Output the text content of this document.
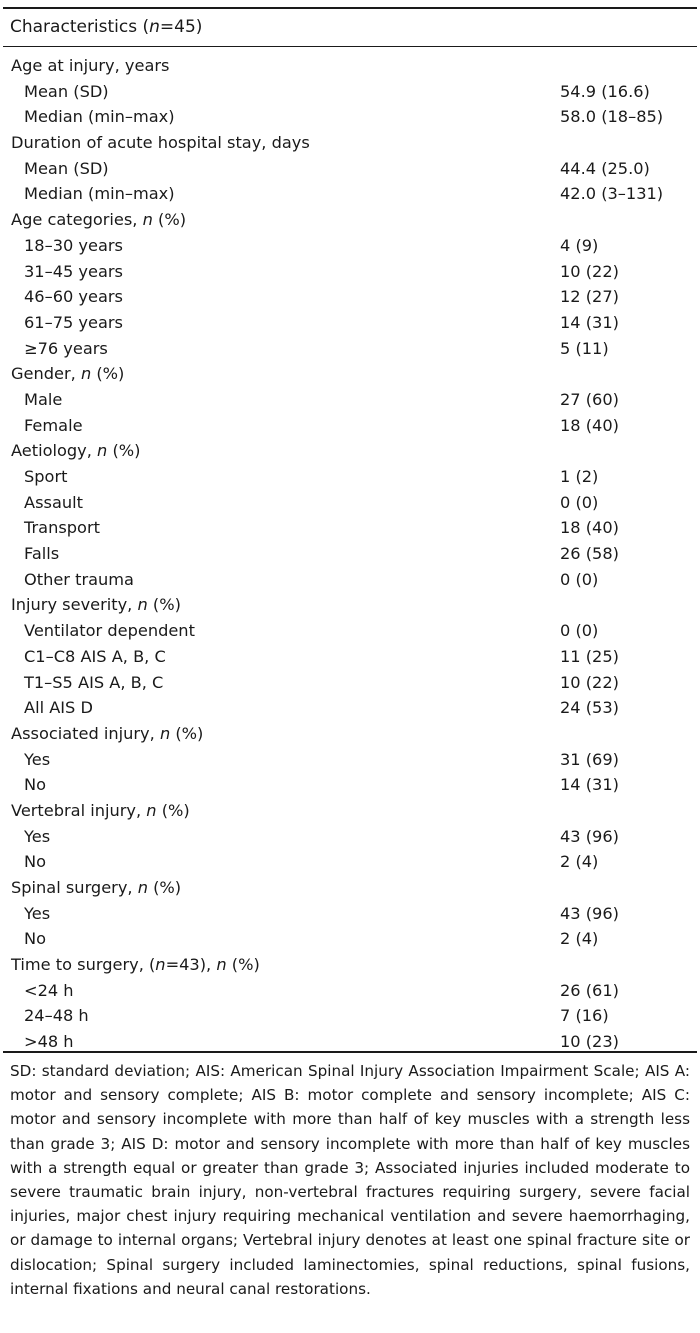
Characteristics (n=45)
Age at injury, years
Mean (SD)	54.9 (16.6)
Median (min–max)	58.0 (18–85)
Duration of acute hospital stay, days
Mean (SD)	44.4 (25.0)
Median (min–max)	42.0 (3–131)
Age categories, n (%)
18–30 years	4 (9)
31–45 years	10 (22)
46–60 years	12 (27)
61–75 years	14 (31)
≥76 years	5 (11)
Gender, n (%)
Male	27 (60)
Female	18 (40)
Aetiology, n (%)
Sport	1 (2)
Assault	0 (0)
Transport	18 (40)
Falls	26 (58)
Other trauma	0 (0)
Injury severity, n (%)
Ventilator dependent	0 (0)
C1–C8 AIS A, B, C	11 (25)
T1–S5 AIS A, B, C	10 (22)
All AIS D	24 (53)
Associated injury, n (%)
Yes	31 (69)
No	14 (31)
Vertebral injury, n (%)
Yes	43 (96)
No	2 (4)
Spinal surgery, n (%)
Yes	43 (96)
No	2 (4)
Time to surgery, (n=43), n (%)
<24 h	26 (61)
24–48 h	7 (16)
>48 h	10 (23)
SD: standard deviation; AIS: American Spinal Injury Association Impairment Scale; AIS A: motor and sensory complete; AIS B: motor complete and sensory incomplete; AIS C: motor and sensory incomplete with more than half of key muscles with a strength less than grade 3; AIS D: motor and sensory incomplete with more than half of key muscles with a strength equal or greater than grade 3; Associated injuries included moderate to severe traumatic brain injury, non-vertebral fractures requiring surgery, severe facial injuries, major chest injury requiring mechanical ventilation and severe haemorrhaging, or damage to internal organs; Vertebral injury denotes at least one spinal fracture site or dislocation; Spinal surgery included laminectomies, spinal reductions, spinal fusions, internal fixations and neural canal restorations.
